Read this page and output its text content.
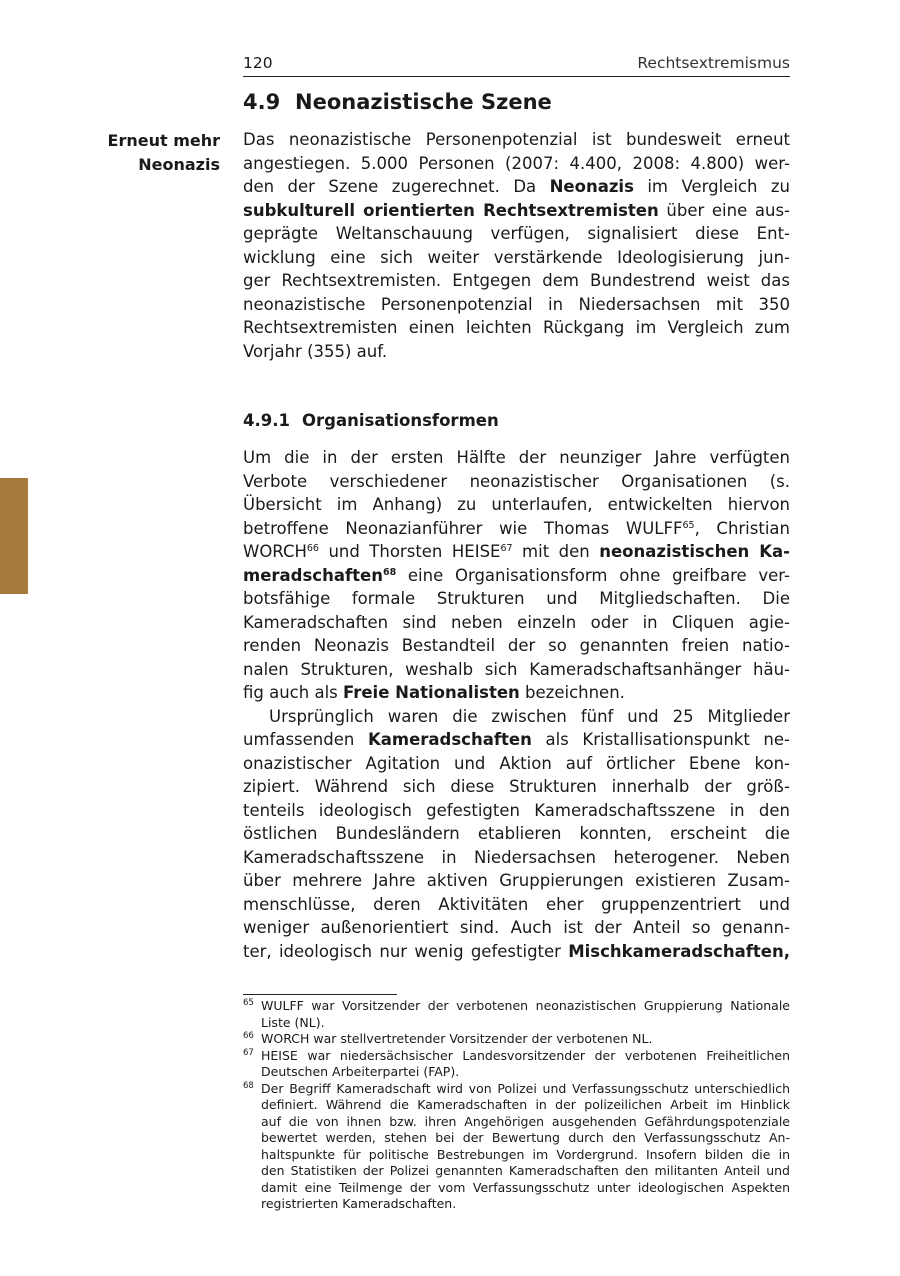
120	Rechtsextremismus
4.9 Neonazistische Szene
Erneut mehr
Neonazis
Das neonazistische Personenpotenzial ist bundesweit erneut
angestiegen. 5.000 Personen (2007: 4.400, 2008: 4.800) wer-
den der Szene zugerechnet. Da Neonazis im Vergleich zu
subkulturell orientierten Rechtsextremisten über eine aus-
geprägte Weltanschauung verfügen, signalisiert diese Ent-
wicklung eine sich weiter verstärkende Ideologisierung jun-
ger Rechtsextremisten. Entgegen dem Bundestrend weist das
neonazistische Personenpotenzial in Niedersachsen mit 350
Rechtsextremisten einen leichten Rückgang im Vergleich zum
Vorjahr (355) auf.
4.9.1 Organisationsformen

Um die in der ersten Hälfte der neunziger Jahre verfügten
Verbote verschiedener neonazistischer Organisationen (s.
Übersicht im Anhang) zu unterlaufen, entwickelten hiervon
betroffene Neonazianführer wie Thomas WULFF$^{65}$, Christian
WORCH$^{66}$ und Thorsten HEISE$^{67}$ mit den neonazistischen Ka-
meradschaften$^{68}$ eine Organisationsform ohne greifbare ver-
botsfähige formale Strukturen und Mitgliedschaften. Die
Kameradschaften sind neben einzeln oder in Cliquen agie-
renden Neonazis Bestandteil der so genannten freien natio-
nalen Strukturen, weshalb sich Kameradschaftsanhänger häu-
fig auch als Freie Nationalisten bezeichnen.

Ursprünglich waren die zwischen fünf und 25 Mitglieder
umfassenden Kameradschaften als Kristallisationspunkt ne-
onazistischer Agitation und Aktion auf örtlicher Ebene kon-
zipiert. Während sich diese Strukturen innerhalb der größ-
tenteils ideologisch gefestigten Kameradschaftsszene in den
östlichen Bundesländern etablieren konnten, erscheint die
Kameradschaftsszene in Niedersachsen heterogener. Neben
über mehrere Jahre aktiven Gruppierungen existieren Zusam-
menschlüsse, deren Aktivitäten eher gruppenzentriert und
weniger außenorientiert sind. Auch ist der Anteil so genann-
ter, ideologisch nur wenig gefestigter Mischkameradschaften,

65 WULFF war Vorsitzender der verbotenen neonazistischen Gruppierung Nationale
Liste (NL).
66 WORCH war stellvertretender Vorsitzender der verbotenen NL.
67 HEISE war niedersächsischer Landesvorsitzender der verbotenen Freiheitlichen
Deutschen Arbeiterpartei (FAP).
68 Der Begriff Kameradschaft wird von Polizei und Verfassungsschutz unterschiedlich
definiert. Während die Kameradschaften in der polizeilichen Arbeit im Hinblick
auf die von ihnen bzw. ihren Angehörigen ausgehenden Gefährdungspotenziale
bewertet werden, stehen bei der Bewertung durch den Verfassungsschutz An-
haltspunkte für politische Bestrebungen im Vordergrund. Insofern bilden die in
den Statistiken der Polizei genannten Kameradschaften den militanten Anteil und
damit eine Teilmenge der vom Verfassungsschutz unter ideologischen Aspekten
registrierten Kameradschaften.
